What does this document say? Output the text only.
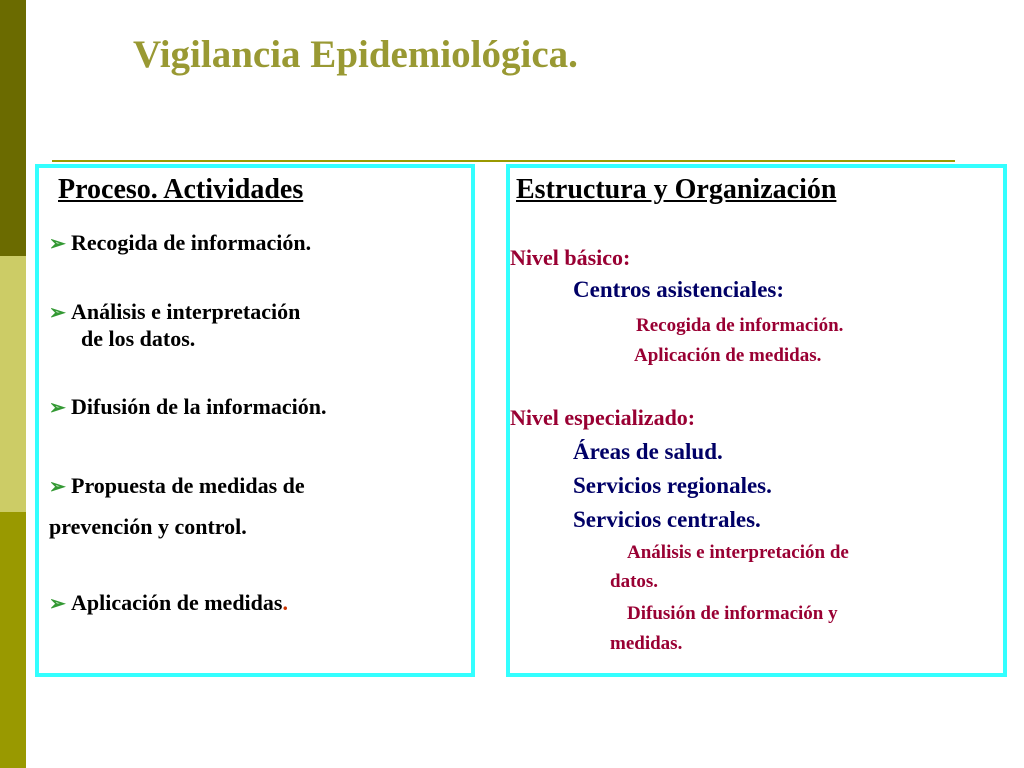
Vigilancia Epidemiológica.
Proceso. Actividades
➢ Recogida de información.
➢ Análisis e interpretación
de los datos.
➢ Difusión de la información.
➢ Propuesta de medidas de
prevención y control.
➢ Aplicación de medidas.
Estructura y Organización
Nivel básico:
Centros asistenciales:
Recogida de información.
Aplicación de medidas.
Nivel especializado:
Áreas de salud.
Servicios regionales.
Servicios centrales.
Análisis e interpretación de
datos.
Difusión de información y
medidas.
